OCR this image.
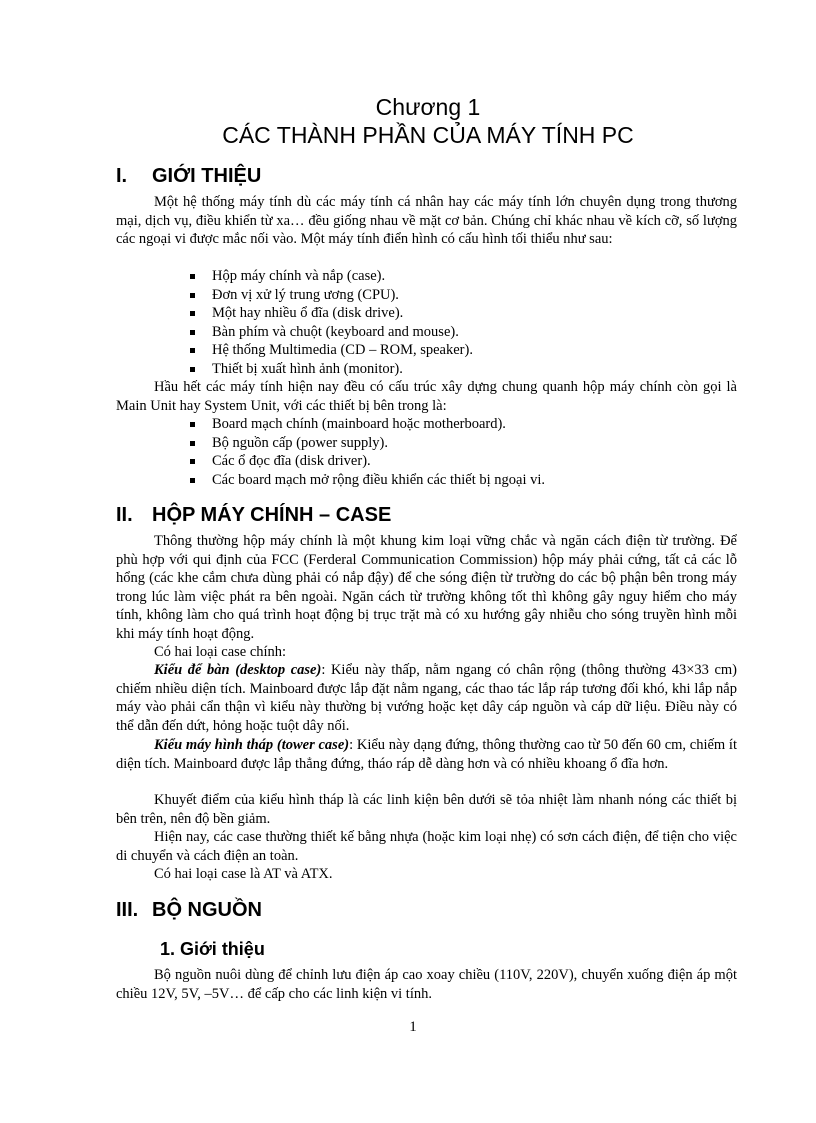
Chương 1
CÁC THÀNH PHẦN CỦA MÁY TÍNH PC
I. GIỚI THIỆU

Một hệ thống máy tính dù các máy tính cá nhân hay các máy tính lớn chuyên dụng trong thương mại, dịch vụ, điều khiển từ xa… đều giống nhau về mặt cơ bản. Chúng chỉ khác nhau về kích cỡ, số lượng các ngoại vi được mắc nối vào. Một máy tính điển hình có cấu hình tối thiểu như sau:

Hộp máy chính và nắp (case).
Đơn vị xử lý trung ương (CPU).
Một hay nhiều ổ đĩa (disk drive).
Bàn phím và chuột (keyboard and mouse).
Hệ thống Multimedia (CD – ROM, speaker).
Thiết bị xuất hình ảnh (monitor).

Hầu hết các máy tính hiện nay đều có cấu trúc xây dựng chung quanh hộp máy chính còn gọi là Main Unit hay System Unit, với các thiết bị bên trong là:

Board mạch chính (mainboard hoặc motherboard).
Bộ nguồn cấp (power supply).
Các ổ đọc đĩa (disk driver).
Các board mạch mở rộng điều khiển các thiết bị ngoại vi.
II. HỘP MÁY CHÍNH – CASE

Thông thường hộp máy chính là một khung kim loại vững chắc và ngăn cách điện từ trường. Để phù hợp với qui định của FCC (Ferderal Communication Commission) hộp máy phải cứng, tất cả các lỗ hổng (các khe cắm chưa dùng phải có nắp đậy) để che sóng điện từ trường do các bộ phận bên trong máy trong lúc làm việc phát ra bên ngoài. Ngăn cách từ trường không tốt thì không gây nguy hiểm cho máy tính, không làm cho quá trình hoạt động bị trục trặt mà có xu hướng gây nhiễu cho sóng truyền hình mỗi khi máy tính hoạt động.

Có hai loại case chính:

Kiểu để bàn (desktop case): Kiểu này thấp, nằm ngang có chân rộng (thông thường 43×33 cm) chiếm nhiều diện tích. Mainboard được lắp đặt nằm ngang, các thao tác lắp ráp tương đối khó, khi lắp nắp máy vào phải cẩn thận vì kiểu này thường bị vướng hoặc kẹt dây cáp nguồn và cáp dữ liệu. Điều này có thể dẫn đến dứt, hỏng hoặc tuột dây nối.

Kiểu máy hình tháp (tower case): Kiểu này dạng đứng, thông thường cao từ 50 đến 60 cm, chiếm ít diện tích. Mainboard được lắp thẳng đứng, tháo ráp dễ dàng hơn và có nhiều khoang ổ đĩa hơn.

Khuyết điểm của kiểu hình tháp là các linh kiện bên dưới sẽ tỏa nhiệt làm nhanh nóng các thiết bị bên trên, nên độ bền giảm.

Hiện nay, các case thường thiết kế bằng nhựa (hoặc kim loại nhẹ) có sơn cách điện, để tiện cho việc di chuyển và cách điện an toàn.

Có hai loại case là AT và ATX.

III. BỘ NGUỒN
1. Giới thiệu

Bộ nguồn nuôi dùng để chỉnh lưu điện áp cao xoay chiều (110V, 220V), chuyển xuống điện áp một chiều 12V, 5V, –5V… để cấp cho các linh kiện vi tính.

1
